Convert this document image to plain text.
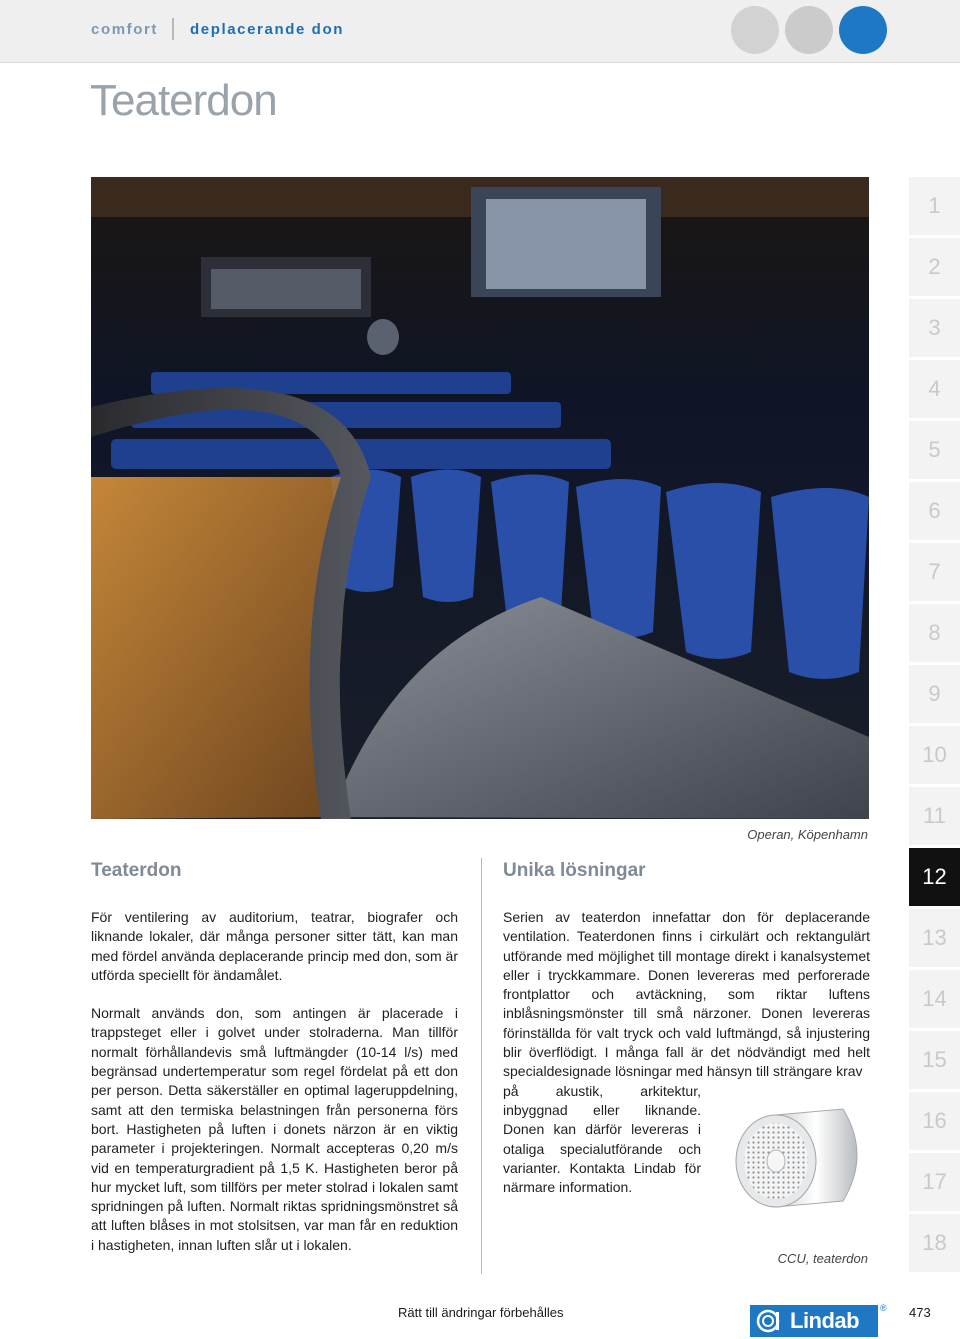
comfort deplacerande don
Teaterdon
Operan, Köpenhamn
1
2
3
4
5
6
7
8
9
10
11
12
13
14
15
16
17
18
Teaterdon

För ventilering av auditorium, teatrar, biografer och liknande lokaler, där många personer sitter tätt, kan man med fördel använda deplacerande princip med don, som är utförda speciellt för ändamålet.

Normalt används don, som antingen är placerade i trappsteget eller i golvet under stolraderna. Man tillför normalt förhållandevis små luftmängder (10-14 l/s) med begränsad undertemperatur som regel fördelat på ett don per person. Detta säkerställer en optimal lageruppdelning, samt att den termiska belastningen från personerna förs bort. Hastigheten på luften i donets närzon är en viktig parameter i projekteringen. Normalt accepteras 0,20 m/s vid en temperaturgradient på 1,5 K. Hastigheten beror på hur mycket luft, som tillförs per meter stolrad i lokalen samt spridningen på luften. Normalt riktas spridningsmönstret så att luften blåses in mot stolsitsen, var man får en reduktion i hastigheten, innan luften slår ut i lokalen.

Unika lösningar

Serien av teaterdon innefattar don för deplacerande ventilation. Teaterdonen finns i cirkulärt och rektangulärt utförande med möjlighet till montage direkt i kanalsystemet eller i tryckkammare. Donen levereras med perforerade frontplattor och avtäckning, som riktar luftens inblåsningsmönster till små närzoner. Donen levereras förinställda för valt tryck och vald luftmängd, så injustering blir överflödigt. I många fall är det nödvändigt med helt specialdesignade lösningar med hänsyn till strängare krav

på akustik, arkitektur, inbyggnad eller liknande. Donen kan därför levereras i otaliga specialutförande och varianter. Kontakta Lindab för närmare information.

CCU, teaterdon
Rätt till ändringar förbehålles	Lindab ® 473
